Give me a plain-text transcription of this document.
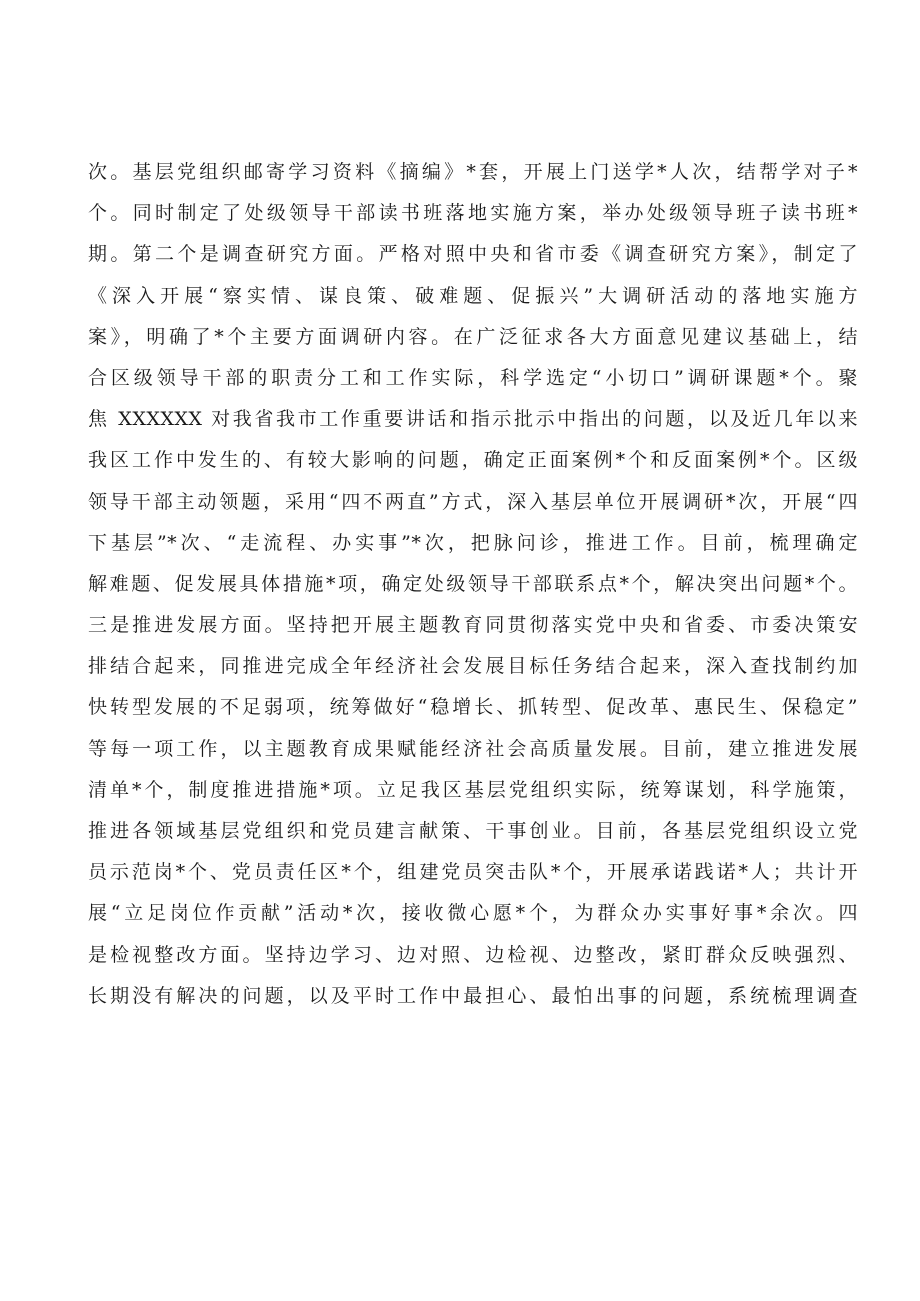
次。基层党组织邮寄学习资料《摘编》*套，开展上门送学*人次，结帮学对子*
个。同时制定了处级领导干部读书班落地实施方案，举办处级领导班子读书班*
期。第二个是调查研究方面。严格对照中央和省市委《调查研究方案》，制定了
《深入开展“察实情、谋良策、破难题、促振兴”大调研活动的落地实施方
案》，明确了*个主要方面调研内容。在广泛征求各大方面意见建议基础上，结
合区级领导干部的职责分工和工作实际，科学选定“小切口”调研课题*个。聚
焦 XXXXXX 对我省我市工作重要讲话和指示批示中指出的问题，以及近几年以来
我区工作中发生的、有较大影响的问题，确定正面案例*个和反面案例*个。区级
领导干部主动领题，采用“四不两直”方式，深入基层单位开展调研*次，开展“四
下基层”*次、“走流程、办实事”*次，把脉问诊，推进工作。目前，梳理确定
解难题、促发展具体措施*项，确定处级领导干部联系点*个，解决突出问题*个。
三是推进发展方面。坚持把开展主题教育同贯彻落实党中央和省委、市委决策安
排结合起来，同推进完成全年经济社会发展目标任务结合起来，深入查找制约加
快转型发展的不足弱项，统筹做好“稳增长、抓转型、促改革、惠民生、保稳定”
等每一项工作，以主题教育成果赋能经济社会高质量发展。目前，建立推进发展
清单*个，制度推进措施*项。立足我区基层党组织实际，统筹谋划，科学施策，
推进各领域基层党组织和党员建言献策、干事创业。目前，各基层党组织设立党
员示范岗*个、党员责任区*个，组建党员突击队*个，开展承诺践诺*人；共计开
展“立足岗位作贡献”活动*次，接收微心愿*个，为群众办实事好事*余次。四
是检视整改方面。坚持边学习、边对照、边检视、边整改，紧盯群众反映强烈、
长期没有解决的问题，以及平时工作中最担心、最怕出事的问题，系统梳理调查
